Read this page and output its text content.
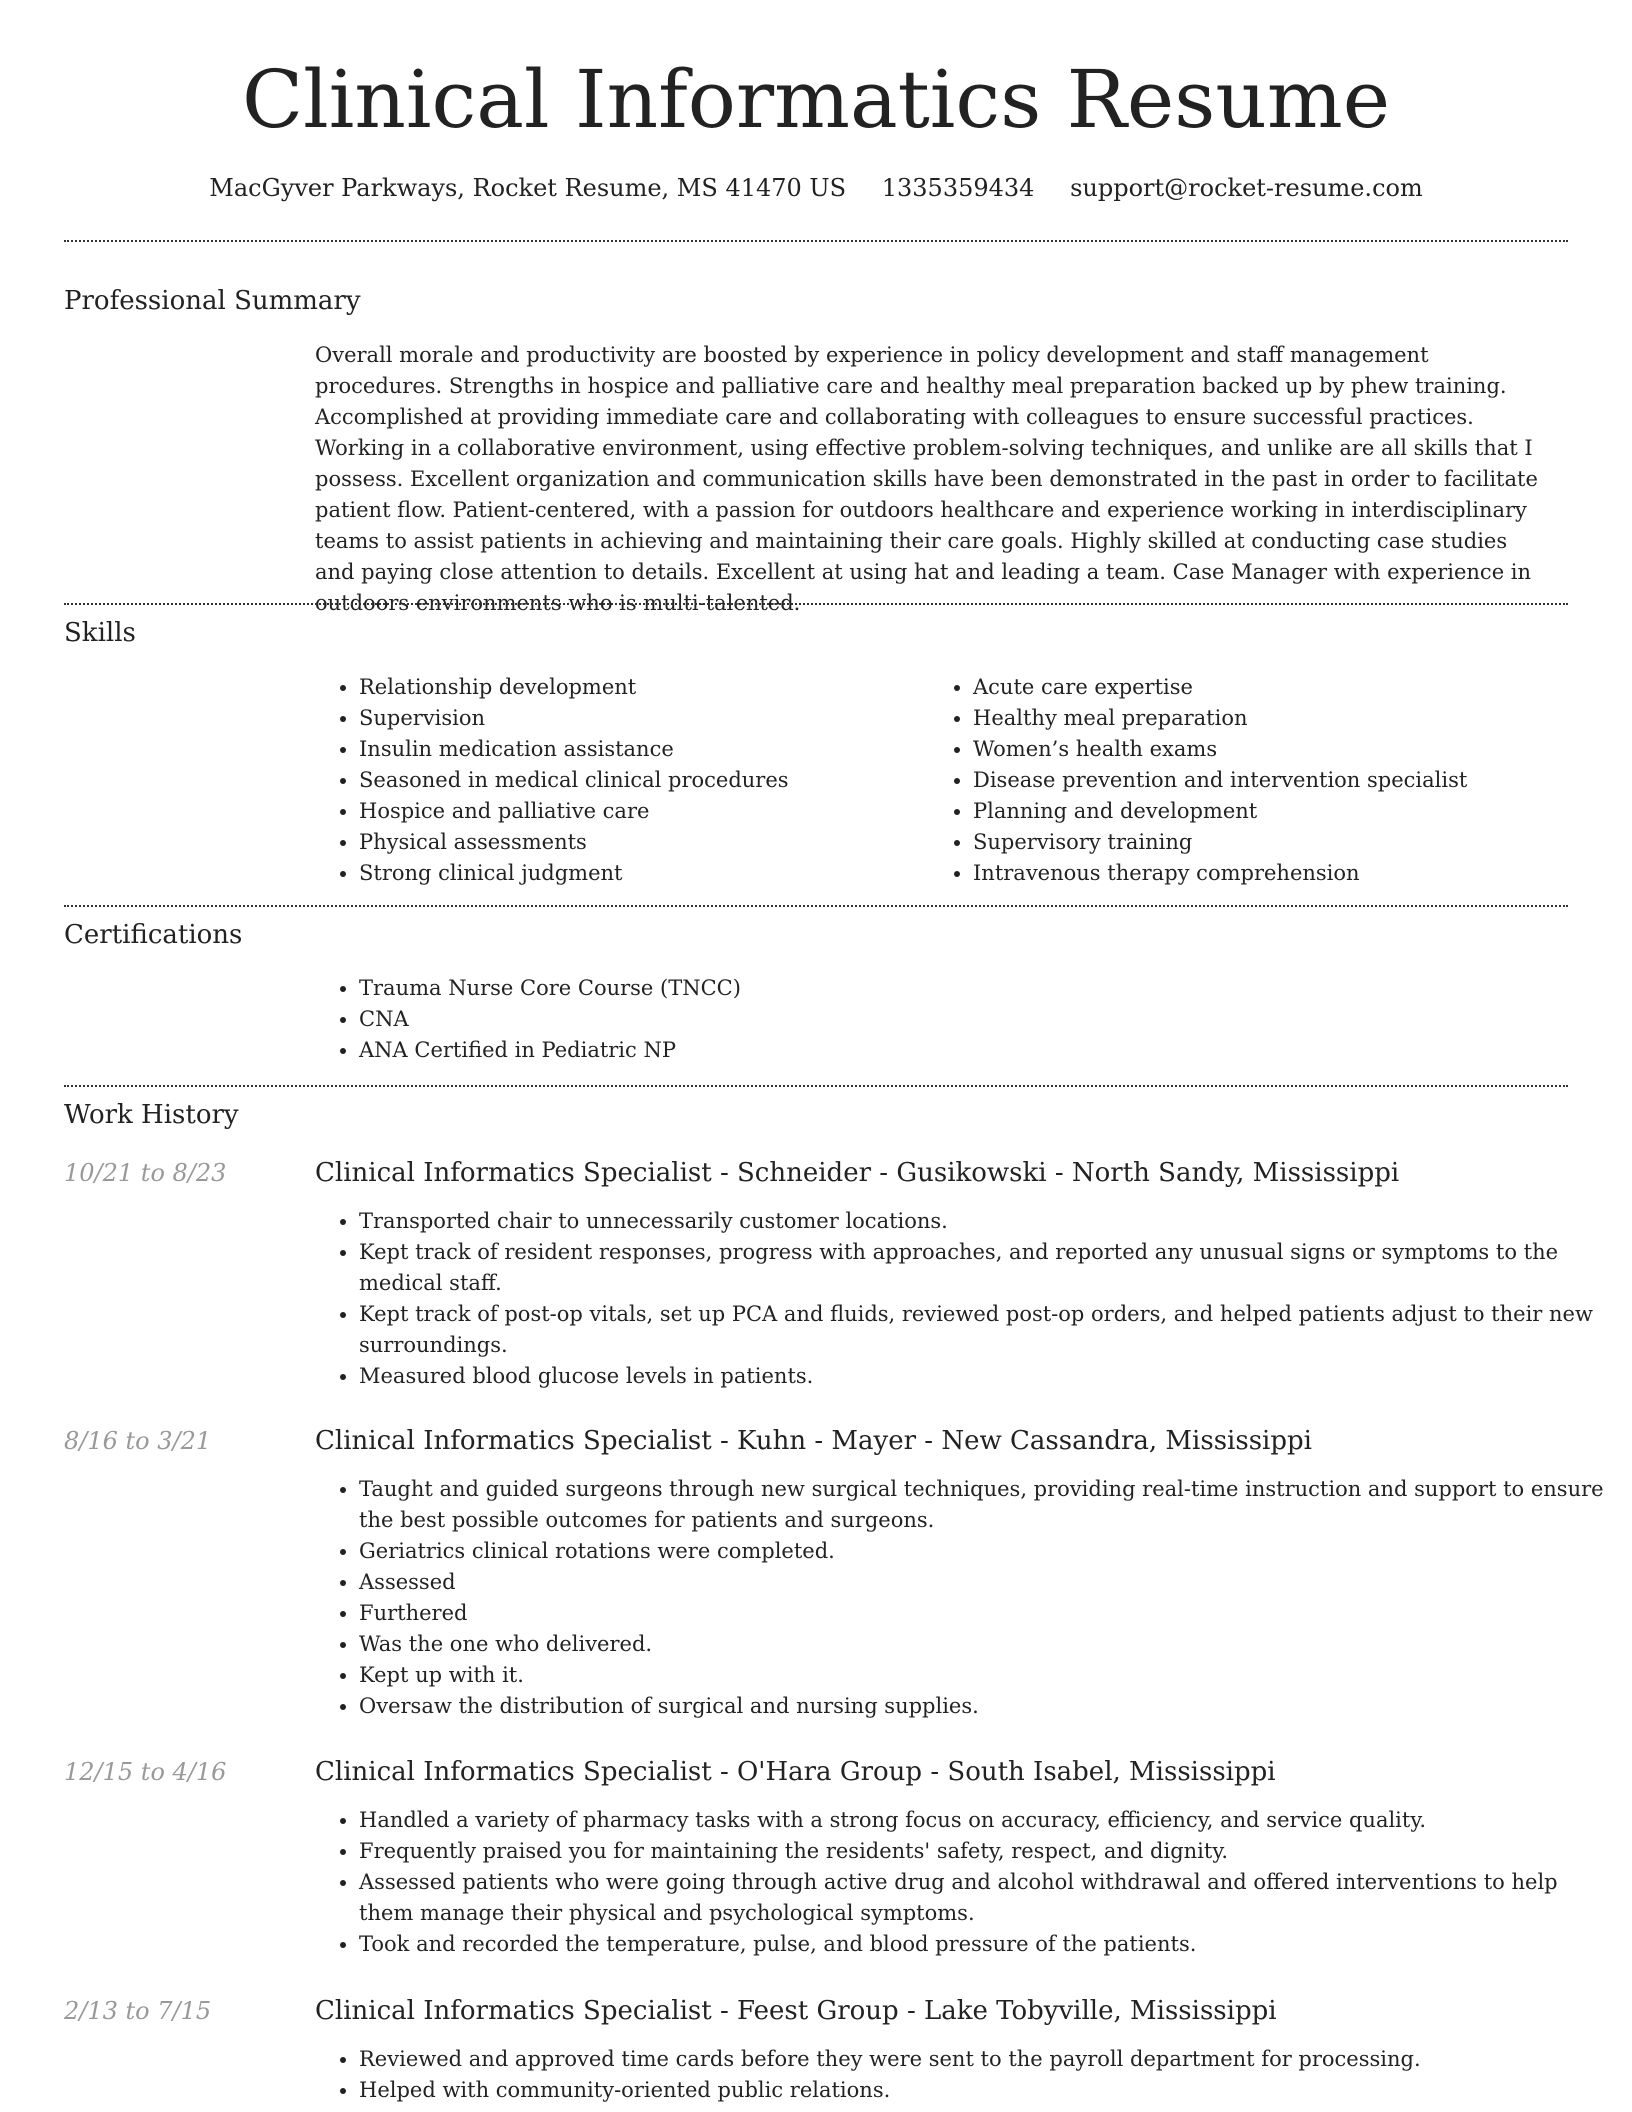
Clinical Informatics Resume
MacGyver Parkways, Rocket Resume, MS 41470 US 1335359434 support@rocket-resume.com
Professional Summary

Overall morale and productivity are boosted by experience in policy development and staff management procedures. Strengths in hospice and palliative care and healthy meal preparation backed up by phew training. Accomplished at providing immediate care and collaborating with colleagues to ensure successful practices. Working in a collaborative environment, using effective problem-solving techniques, and unlike are all skills that I possess. Excellent organization and communication skills have been demonstrated in the past in order to facilitate patient flow. Patient-centered, with a passion for outdoors healthcare and experience working in interdisciplinary teams to assist patients in achieving and maintaining their care goals. Highly skilled at conducting case studies and paying close attention to details. Excellent at using hat and leading a team. Case Manager with experience in outdoors environments who is multi-talented.

Skills
• Relationship development
• Supervision
• Insulin medication assistance
• Seasoned in medical clinical procedures
• Hospice and palliative care
• Physical assessments
• Strong clinical judgment
• Acute care expertise
• Healthy meal preparation
• Women’s health exams
• Disease prevention and intervention specialist
• Planning and development
• Supervisory training
• Intravenous therapy comprehension
Certifications
• Trauma Nurse Core Course (TNCC)
• CNA
• ANA Certified in Pediatric NP
Work History
10/21 to 8/23	Clinical Informatics Specialist - Schneider - Gusikowski - North Sandy, Mississippi
• Transported chair to unnecessarily customer locations.
• Kept track of resident responses, progress with approaches, and reported any unusual signs or symptoms to the medical staff.
• Kept track of post-op vitals, set up PCA and fluids, reviewed post-op orders, and helped patients adjust to their new surroundings.
• Measured blood glucose levels in patients.
8/16 to 3/21	Clinical Informatics Specialist - Kuhn - Mayer - New Cassandra, Mississippi
• Taught and guided surgeons through new surgical techniques, providing real-time instruction and support to ensure the best possible outcomes for patients and surgeons.
• Geriatrics clinical rotations were completed.
• Assessed
• Furthered
• Was the one who delivered.
• Kept up with it.
• Oversaw the distribution of surgical and nursing supplies.
12/15 to 4/16	Clinical Informatics Specialist - O'Hara Group - South Isabel, Mississippi
• Handled a variety of pharmacy tasks with a strong focus on accuracy, efficiency, and service quality.
• Frequently praised you for maintaining the residents' safety, respect, and dignity.
• Assessed patients who were going through active drug and alcohol withdrawal and offered interventions to help them manage their physical and psychological symptoms.
• Took and recorded the temperature, pulse, and blood pressure of the patients.
2/13 to 7/15	Clinical Informatics Specialist - Feest Group - Lake Tobyville, Mississippi
• Reviewed and approved time cards before they were sent to the payroll department for processing.
• Helped with community-oriented public relations.
